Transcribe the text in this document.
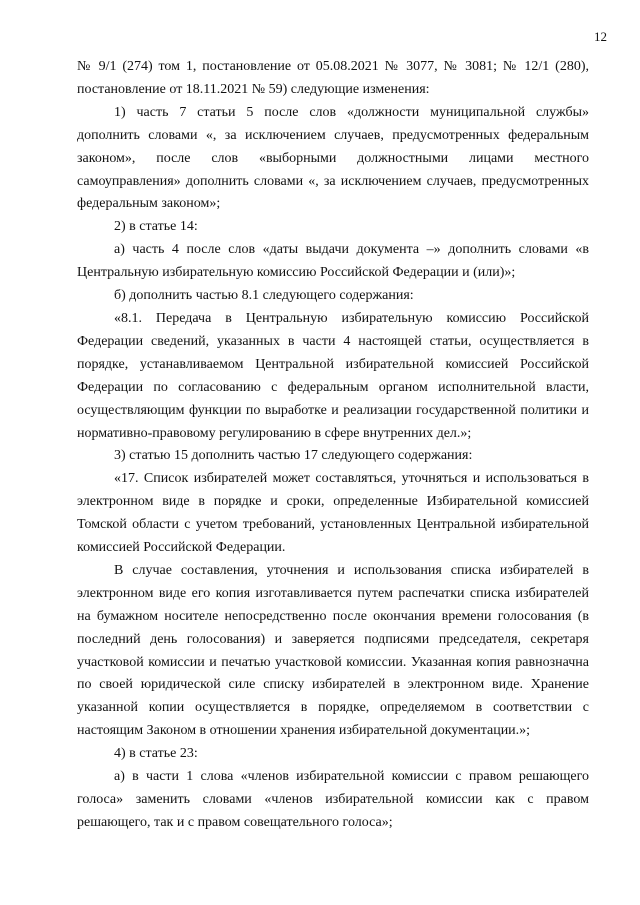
12

№ 9/1 (274) том 1, постановление от 05.08.2021 № 3077, № 3081; № 12/1 (280), постановление от 18.11.2021 № 59) следующие изменения:

1) часть 7 статьи 5 после слов «должности муниципальной службы» дополнить словами «, за исключением случаев, предусмотренных федеральным законом», после слов «выборными должностными лицами местного самоуправления» дополнить словами «, за исключением случаев, предусмотренных федеральным законом»;

2) в статье 14:

а) часть 4 после слов «даты выдачи документа –» дополнить словами «в Центральную избирательную комиссию Российской Федерации и (или)»;

б) дополнить частью 8.1 следующего содержания:

«8.1. Передача в Центральную избирательную комиссию Российской Федерации сведений, указанных в части 4 настоящей статьи, осуществляется в порядке, устанавливаемом Центральной избирательной комиссией Российской Федерации по согласованию с федеральным органом исполнительной власти, осуществляющим функции по выработке и реализации государственной политики и нормативно-правовому регулированию в сфере внутренних дел.»;

3) статью 15 дополнить частью 17 следующего содержания:

«17. Список избирателей может составляться, уточняться и использоваться в электронном виде в порядке и сроки, определенные Избирательной комиссией Томской области с учетом требований, установленных Центральной избирательной комиссией Российской Федерации.

В случае составления, уточнения и использования списка избирателей в электронном виде его копия изготавливается путем распечатки списка избирателей на бумажном носителе непосредственно после окончания времени голосования (в последний день голосования) и заверяется подписями председателя, секретаря участковой комиссии и печатью участковой комиссии. Указанная копия равнозначна по своей юридической силе списку избирателей в электронном виде. Хранение указанной копии осуществляется в порядке, определяемом в соответствии с настоящим Законом в отношении хранения избирательной документации.»;

4) в статье 23:

а) в части 1 слова «членов избирательной комиссии с правом решающего голоса» заменить словами «членов избирательной комиссии как с правом решающего, так и с правом совещательного голоса»;
